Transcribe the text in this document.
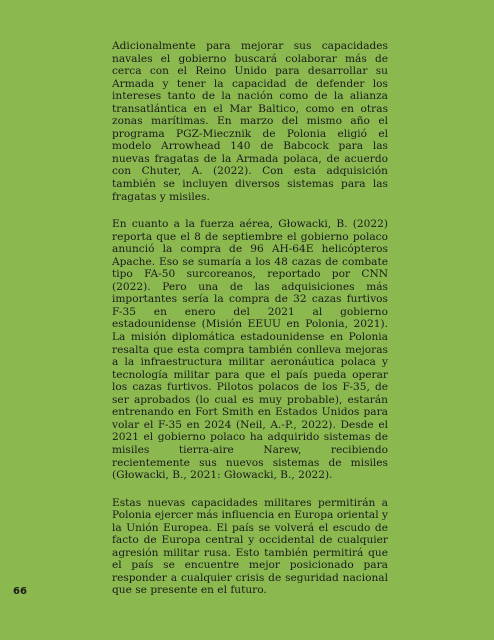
Adicionalmente para mejorar sus capacidades navales el gobierno buscará colaborar más de cerca con el Reino Unido para desarrollar su Armada y tener la capacidad de defender los intereses tanto de la nación como de la alianza transatlántica en el Mar Baltico, como en otras zonas marítimas. En marzo del mismo año el programa PGZ-Miecznik de Polonia eligió el modelo Arrowhead 140 de Babcock para las nuevas fragatas de la Armada polaca, de acuerdo con Chuter, A. (2022). Con esta adquisición también se incluyen diversos sistemas para las fragatas y misiles.

En cuanto a la fuerza aérea, Głowacki, B. (2022) reporta que el 8 de septiembre el gobierno polaco anunció la compra de 96 AH-64E helicópteros Apache. Eso se sumaría a los 48 cazas de combate tipo FA-50 surcoreanos, reportado por CNN (2022). Pero una de las adquisiciones más importantes sería la compra de 32 cazas furtivos F-35 en enero del 2021 al gobierno estadounidense (Misión EEUU en Polonia, 2021). La misión diplomática estadounidense en Polonia resalta que esta compra también conlleva mejoras a la infraestructura militar aeronáutica polaca y tecnología militar para que el país pueda operar los cazas furtivos. Pilotos polacos de los F-35, de ser aprobados (lo cual es muy probable), estarán entrenando en Fort Smith en Estados Unidos para volar el F-35 en 2024 (Neil, A.-P., 2022). Desde el 2021 el gobierno polaco ha adquirido sistemas de misiles tierra-aire Narew, recibiendo recientemente sus nuevos sistemas de misiles (Głowacki, B., 2021: Głowacki, B., 2022).

Estas nuevas capacidades militares permitirán a Polonia ejercer más influencia en Europa oriental y la Unión Europea. El país se volverá el escudo de facto de Europa central y occidental de cualquier agresión militar rusa. Esto también permitirá que el país se encuentre mejor posicionado para responder a cualquier crisis de seguridad nacional que se presente en el futuro.

66
